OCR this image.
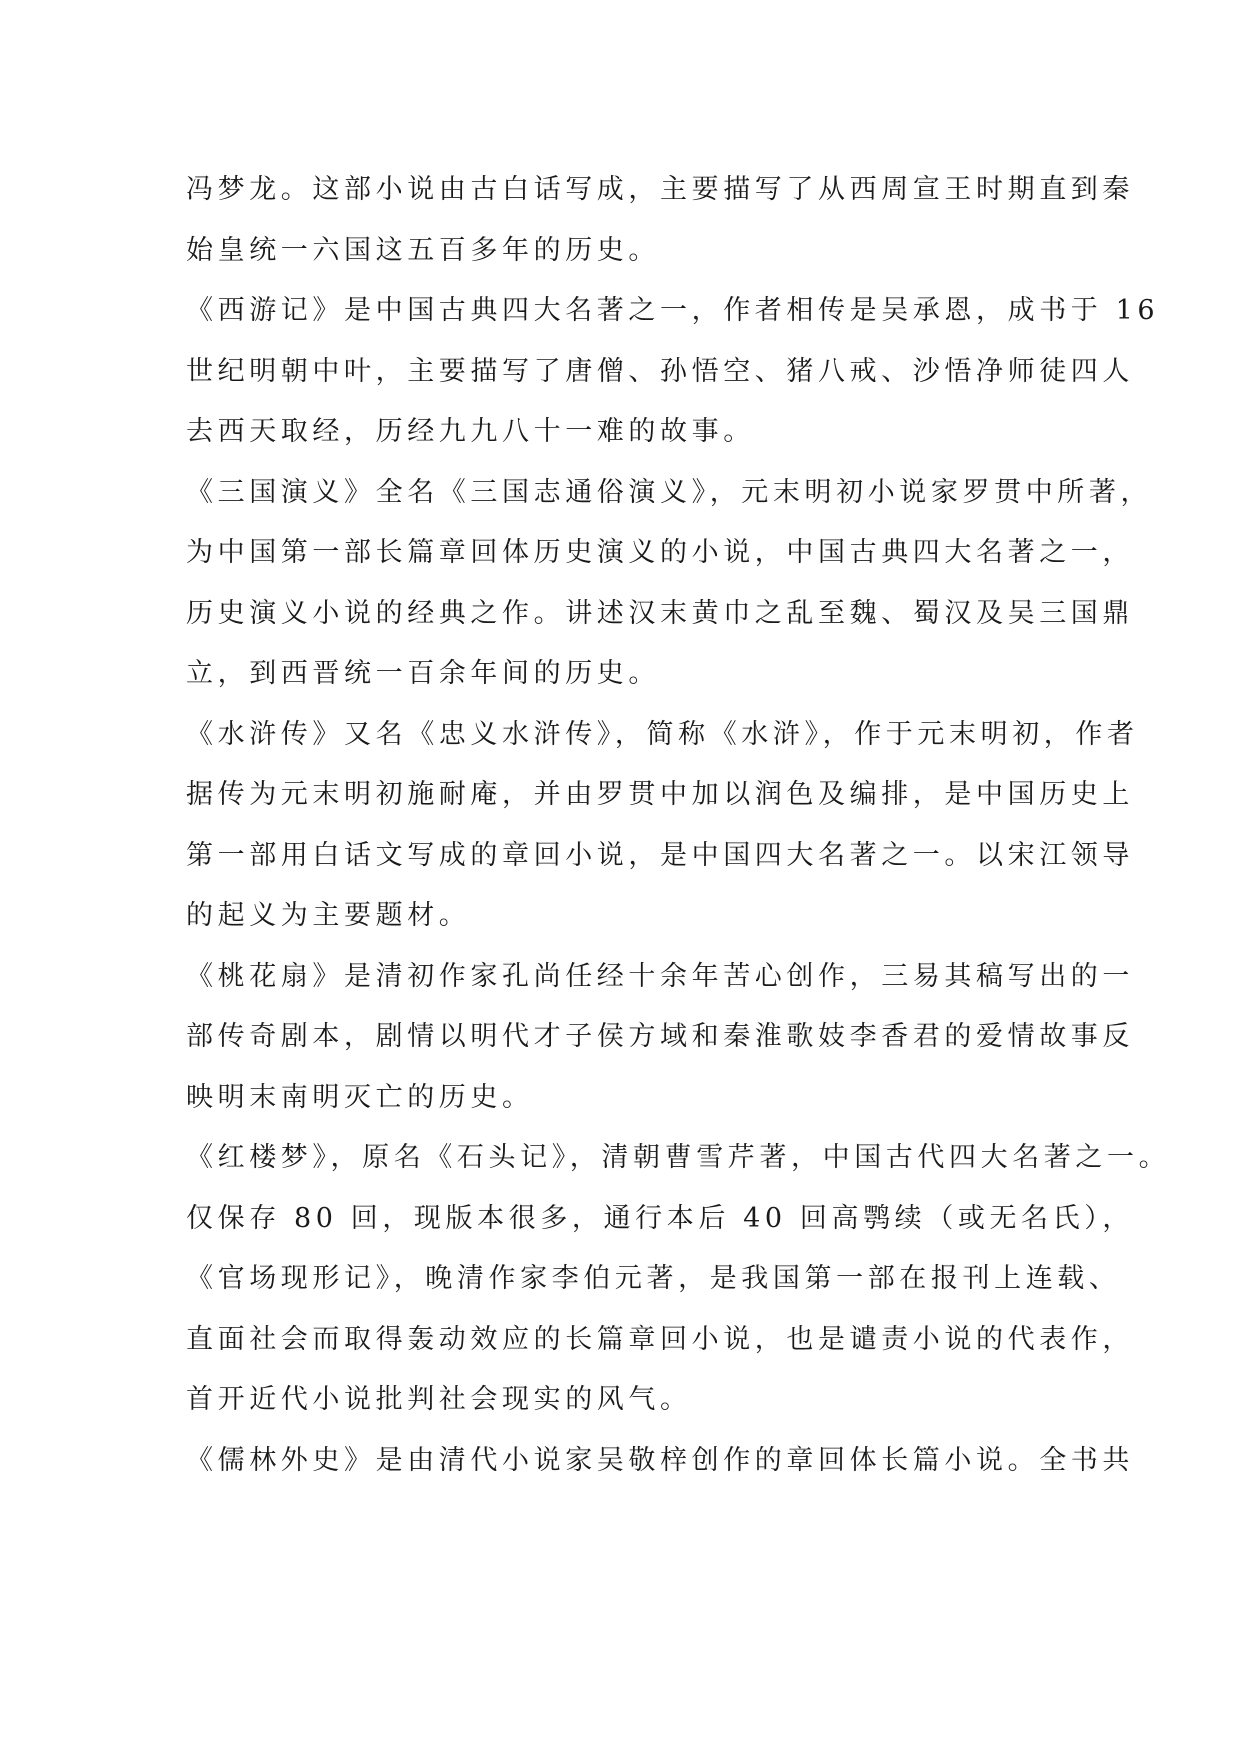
冯梦龙。这部小说由古白话写成，主要描写了从西周宣王时期直到秦
始皇统一六国这五百多年的历史。
《西游记》是中国古典四大名著之一，作者相传是吴承恩，成书于 16
世纪明朝中叶，主要描写了唐僧、孙悟空、猪八戒、沙悟净师徒四人
去西天取经，历经九九八十一难的故事。
《三国演义》全名《三国志通俗演义》，元末明初小说家罗贯中所著，
为中国第一部长篇章回体历史演义的小说，中国古典四大名著之一，
历史演义小说的经典之作。讲述汉末黄巾之乱至魏、蜀汉及吴三国鼎
立，到西晋统一百余年间的历史。
《水浒传》又名《忠义水浒传》，简称《水浒》，作于元末明初，作者
据传为元末明初施耐庵，并由罗贯中加以润色及编排，是中国历史上
第一部用白话文写成的章回小说，是中国四大名著之一。以宋江领导
的起义为主要题材。
《桃花扇》是清初作家孔尚任经十余年苦心创作，三易其稿写出的一
部传奇剧本，剧情以明代才子侯方域和秦淮歌妓李香君的爱情故事反
映明末南明灭亡的历史。
《红楼梦》，原名《石头记》，清朝曹雪芹著，中国古代四大名著之一。
仅保存 80 回，现版本很多，通行本后 40 回高鹗续（或无名氏），
《官场现形记》，晚清作家李伯元著，是我国第一部在报刊上连载、
直面社会而取得轰动效应的长篇章回小说，也是谴责小说的代表作，
首开近代小说批判社会现实的风气。
《儒林外史》是由清代小说家吴敬梓创作的章回体长篇小说。全书共
